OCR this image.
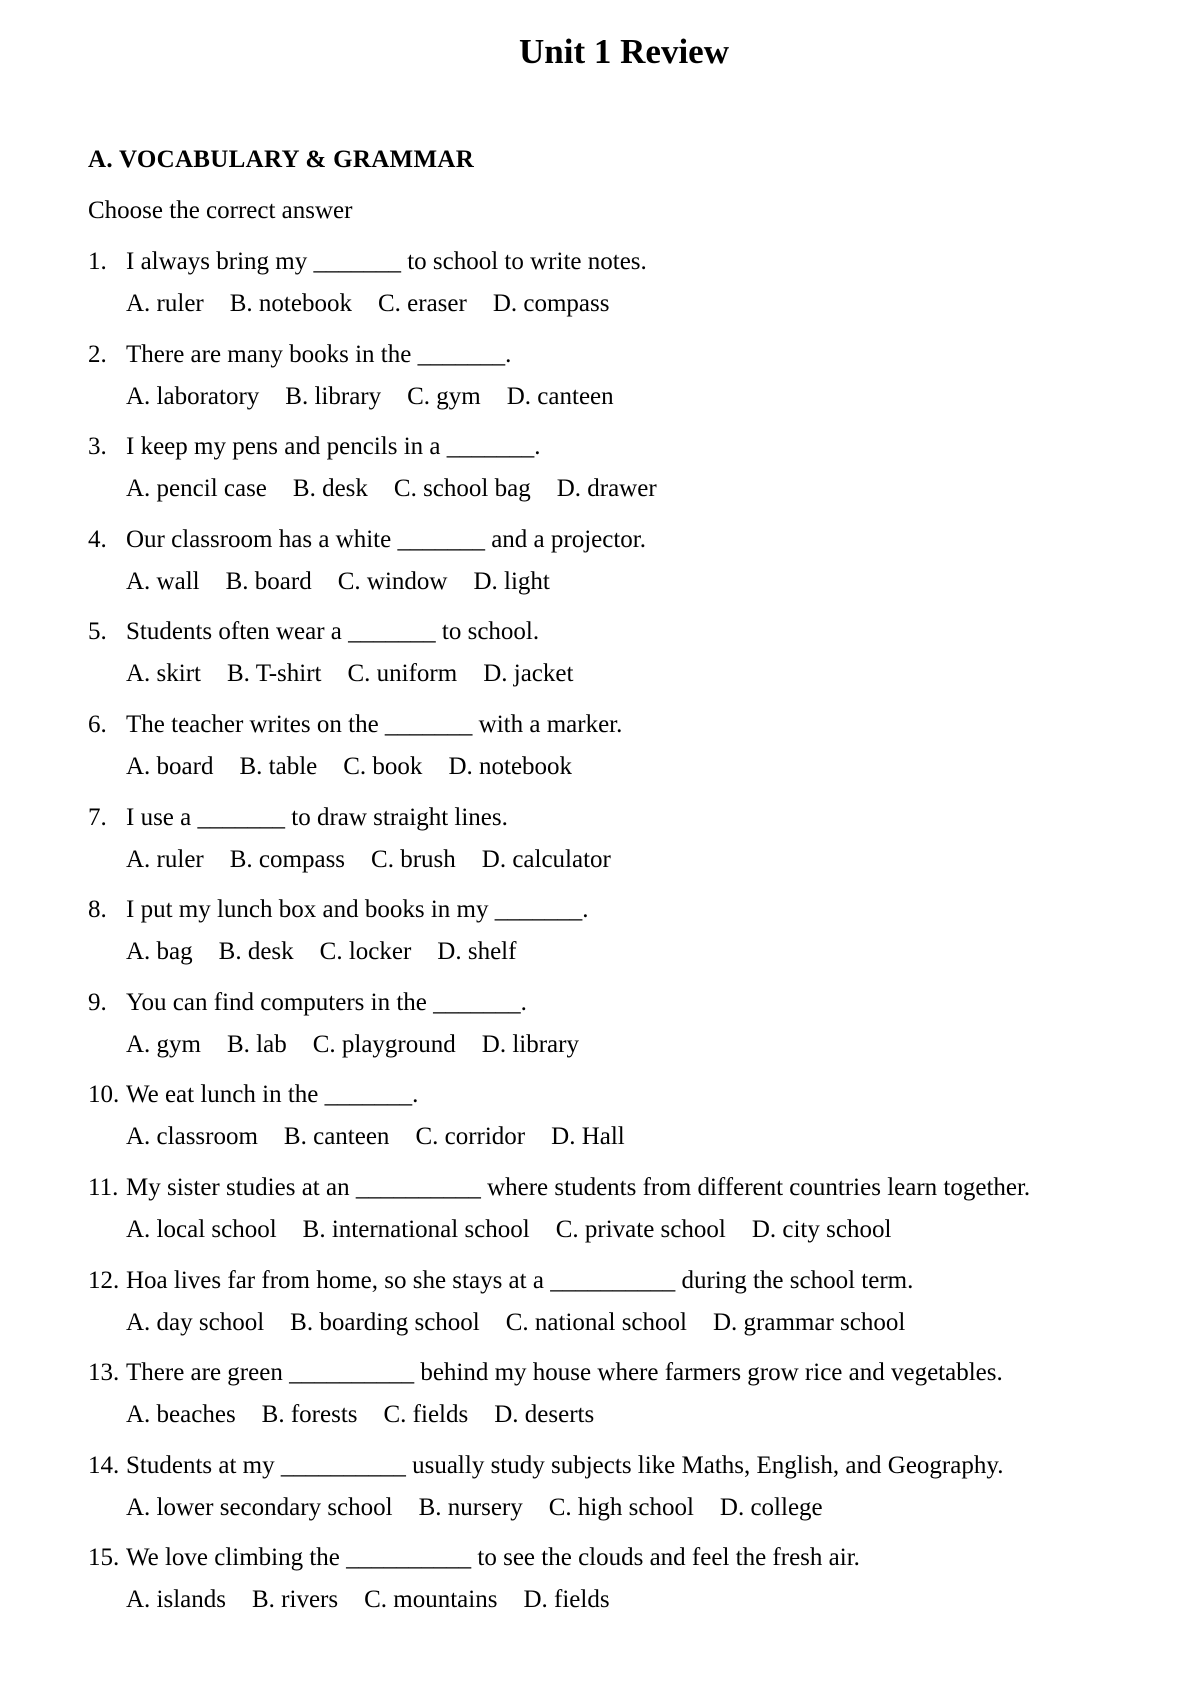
Unit 1 Review
A. VOCABULARY & GRAMMAR
Choose the correct answer
1. I always bring my _______ to school to write notes.
A. ruler B. notebook C. eraser D. compass
2. There are many books in the _______.
A. laboratory B. library C. gym D. canteen
3. I keep my pens and pencils in a _______.
A. pencil case B. desk C. school bag D. drawer
4. Our classroom has a white _______ and a projector.
A. wall B. board C. window D. light
5. Students often wear a _______ to school.
A. skirt B. T-shirt C. uniform D. jacket
6. The teacher writes on the _______ with a marker.
A. board B. table C. book D. notebook
7. I use a _______ to draw straight lines.
A. ruler B. compass C. brush D. calculator
8. I put my lunch box and books in my _______.
A. bag B. desk C. locker D. shelf
9. You can find computers in the _______.
A. gym B. lab C. playground D. library
10. We eat lunch in the _______.
A. classroom B. canteen C. corridor D. Hall
11. My sister studies at an __________ where students from different countries learn together.
A. local school B. international school C. private school D. city school
12. Hoa lives far from home, so she stays at a __________ during the school term.
A. day school B. boarding school C. national school D. grammar school
13. There are green __________ behind my house where farmers grow rice and vegetables.
A. beaches B. forests C. fields D. deserts
14. Students at my __________ usually study subjects like Maths, English, and Geography.
A. lower secondary school B. nursery C. high school D. college
15. We love climbing the __________ to see the clouds and feel the fresh air.
A. islands B. rivers C. mountains D. fields
